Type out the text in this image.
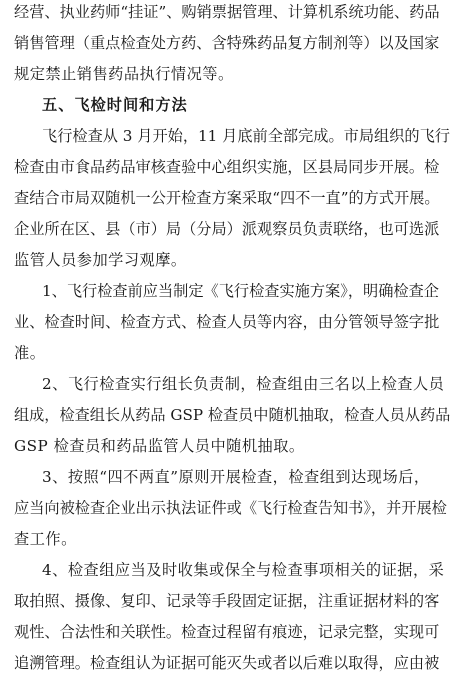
经营、执业药师“挂证”、购销票据管理、计算机系统功能、药品
销售管理（重点检查处方药、含特殊药品复方制剂等）以及国家
规定禁止销售药品执行情况等。
五、飞检时间和方法
飞行检查从 3 月开始，11 月底前全部完成。市局组织的飞行
检查由市食品药品审核查验中心组织实施，区县局同步开展。检
查结合市局双随机一公开检查方案采取“四不一直”的方式开展。
企业所在区、县（市）局（分局）派观察员负责联络，也可选派
监管人员参加学习观摩。
1、飞行检查前应当制定《飞行检查实施方案》，明确检查企
业、检查时间、检查方式、检查人员等内容，由分管领导签字批
准。
2、飞行检查实行组长负责制，检查组由三名以上检查人员
组成，检查组长从药品 GSP 检查员中随机抽取，检查人员从药品
GSP 检查员和药品监管人员中随机抽取。
3、按照“四不两直”原则开展检查，检查组到达现场后，
应当向被检查企业出示执法证件或《飞行检查告知书》，并开展检
查工作。
4、检查组应当及时收集或保全与检查事项相关的证据，采
取拍照、摄像、复印、记录等手段固定证据，注重证据材料的客
观性、合法性和关联性。检查过程留有痕迹，记录完整，实现可
追溯管理。检查组认为证据可能灭失或者以后难以取得，应由被
